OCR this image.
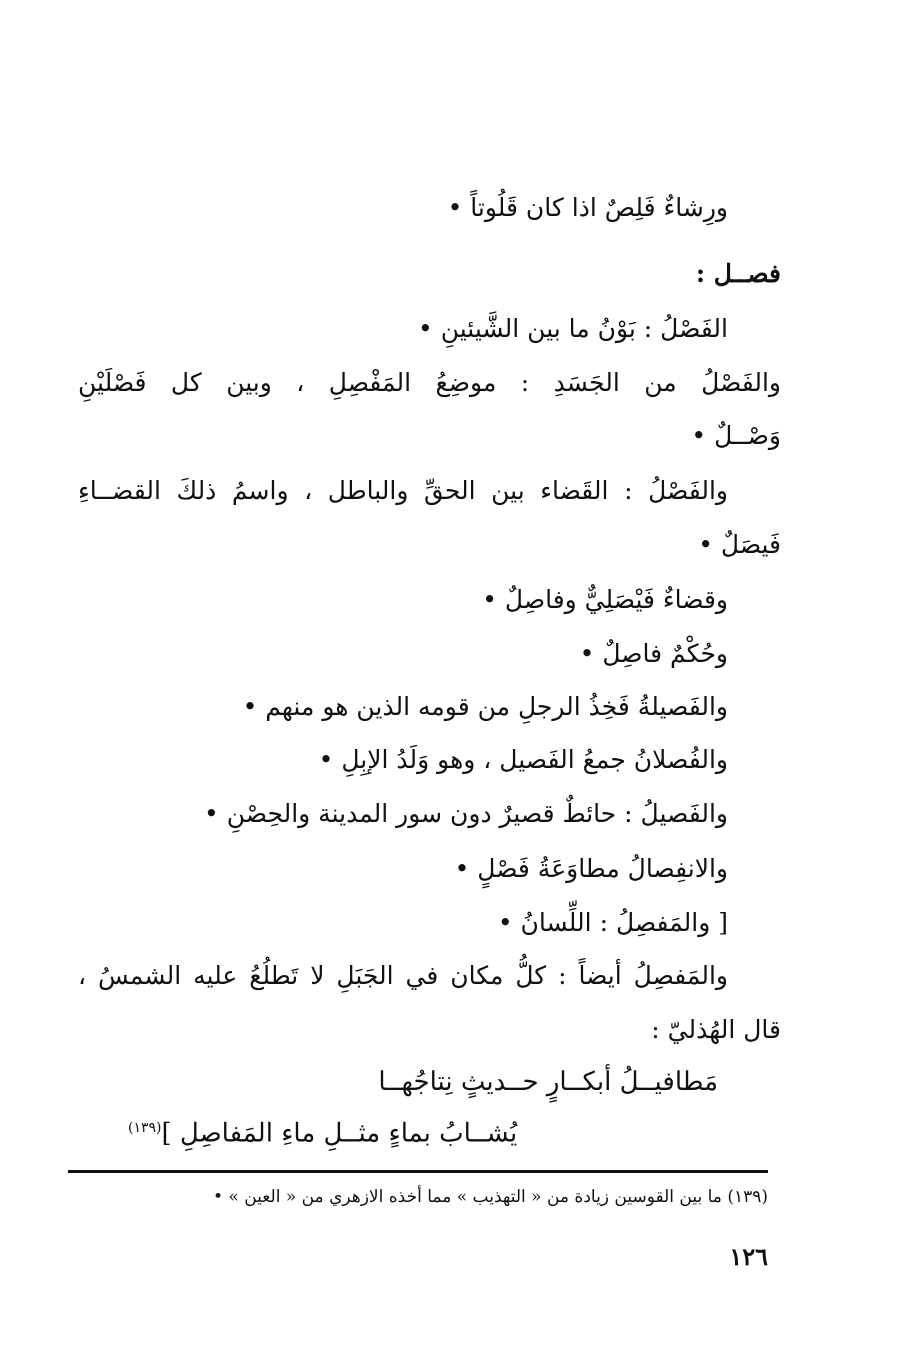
ورِشاءٌ فَلِصٌ اذا كان قَلُوتاً •
فصــل :
الفَصْلُ : بَوْنُ ما بين الشَّيئينِ •
والفَصْلُ من الجَسَدِ : موضِعُ المَفْصِلِ ، وبين كل فَصْلَيْنِ
وَصْــلٌ •
والفَصْلُ : القَضاء بين الحقِّ والباطل ، واسمُ ذلكَ القضــاءِ
فَيصَلٌ •
وقضاءٌ فَيْصَلِيٌّ وفاصِلٌ •
وحُكْمٌ فاصِلٌ •
والفَصيلةُ فَخِذُ الرجلِ من قومه الذين هو منهم •
والفُصلانُ جمعُ الفَصيل ، وهو وَلَدُ الإبِلِ •
والفَصيلُ : حائطٌ قصيرٌ دون سور المدينة والحِصْنِ •
والانفِصالُ مطاوَعَةُ فَصْلٍ •
[ والمَفصِلُ : اللِّسانُ •
والمَفصِلُ أيضاً : كلُّ مكان في الجَبَلِ لا تَطلُعُ عليه الشمسُ ،
قال الهُذليّ :
مَطافيــلُ أبكــارٍ حــديثٍ نِتاجُهــا
يُشــابُ بماءٍ مثــلِ ماءِ المَفاصِلِ ]$^{(١٣٩)}$
(١٣٩) ما بين القوسين زيادة من « التهذيب » مما أخذه الازهري من « العين » •
١٢٦
